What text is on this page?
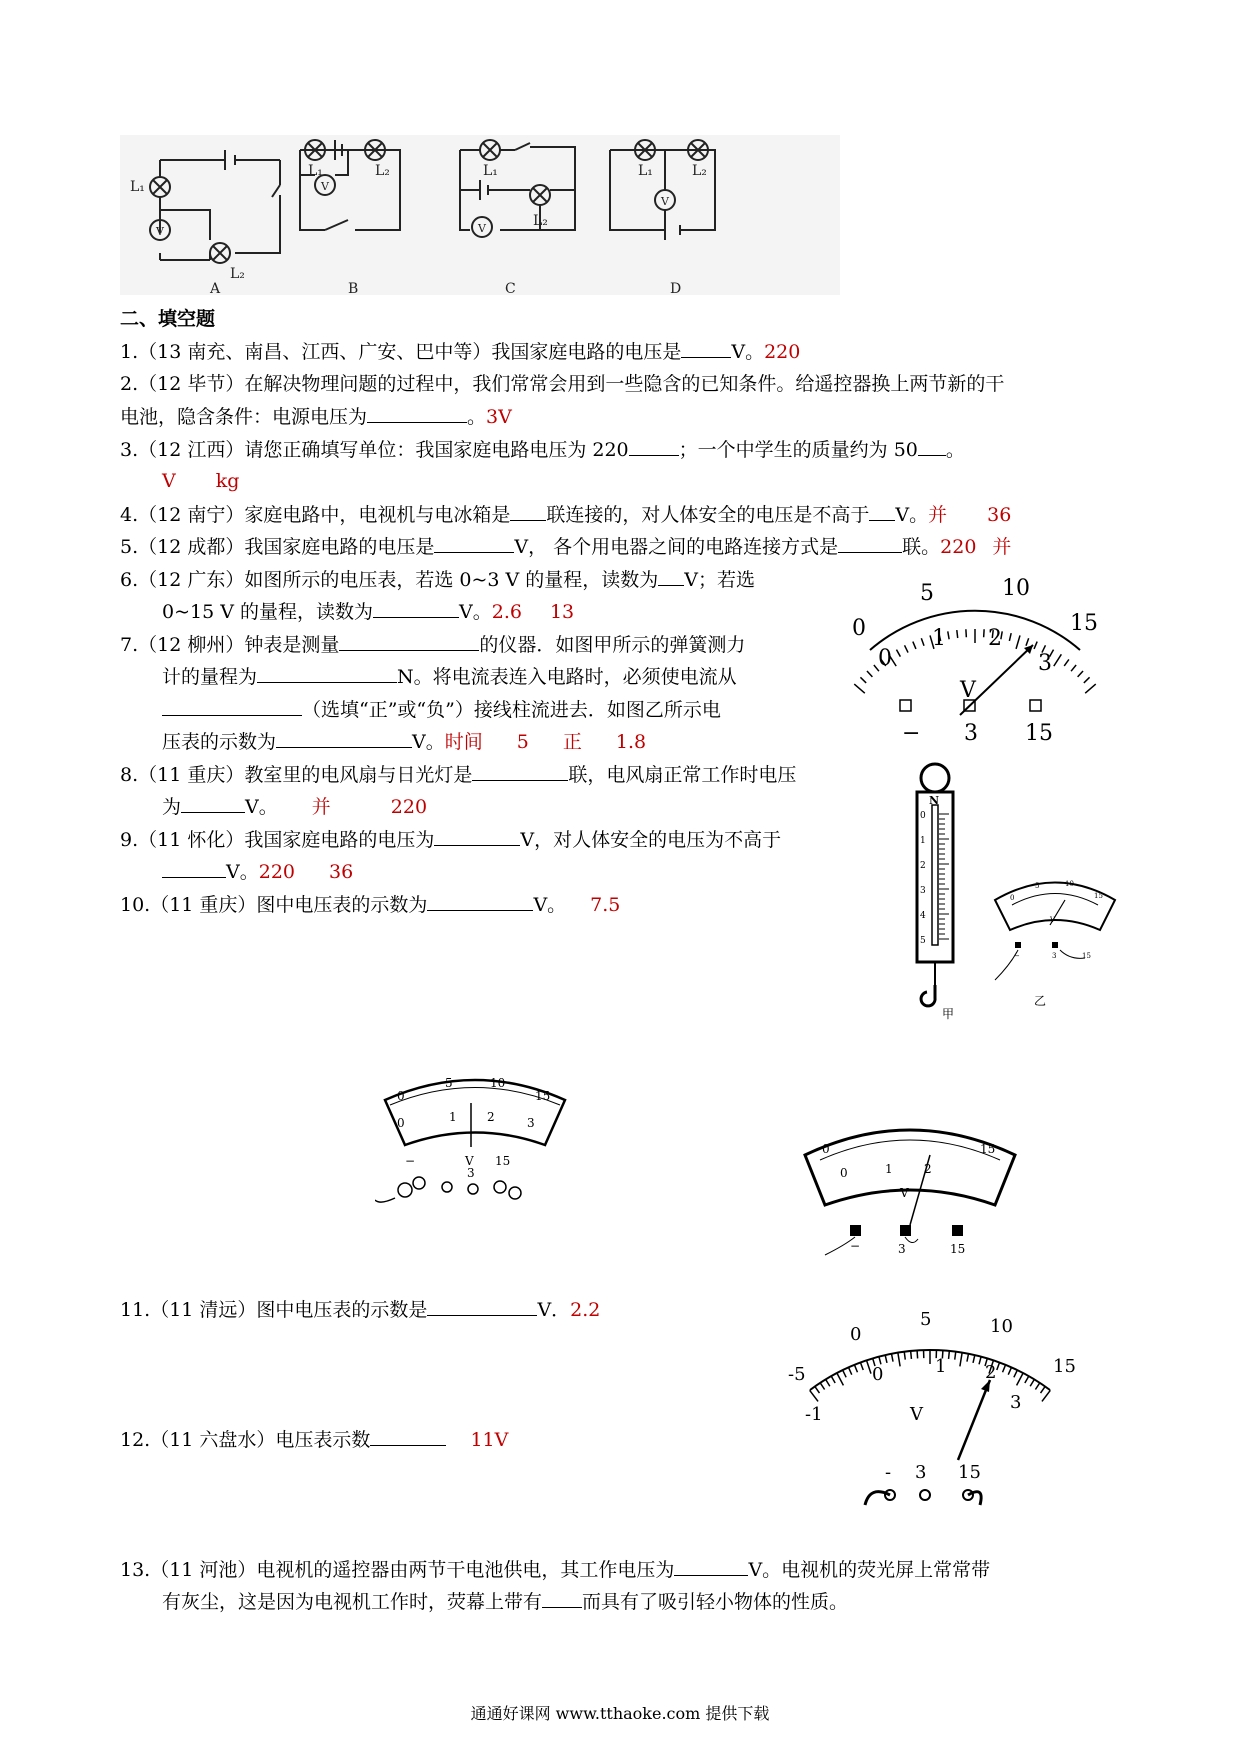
L₁
L₂
V
A
L₁	L₂
V
B
L₁
L₂
V
C
L₁	L₂
V
D
二、填空题
1.（13 南充、南昌、江西、广安、巴中等）我国家庭电路的电压是	V。220
2.（12 毕节）在解决物理问题的过程中，我们常常会用到一些隐含的已知条件。给遥控器换上两节新的干
电池，隐含条件：电源电压为	。3V
3.（12 江西）请您正确填写单位：我国家庭电路电压为 220	；一个中学生的质量约为 50 。
V kg
4.（12 南宁）家庭电路中，电视机与电冰箱是 联连接的，对人体安全的电压是不高于 V。并 36
5.（12 成都）我国家庭电路的电压是	V， 各个用电器之间的电路连接方式是	联。220 并
6.（12 广东）如图所示的电压表，若选 0~3 V 的量程，读数为 V；若选
0~15 V 的量程，读数为	V。2.6 13
7.（12 柳州）钟表是测量	的仪器．如图甲所示的弹簧测力
计的量程为	N。将电流表连入电路时，必须使电流从
（选填“正”或“负”）接线柱流进去．如图乙所示电
压表的示数为	V。时间 5 正 1.8
8.（11 重庆）教室里的电风扇与日光灯是	联，电风扇正常工作时电压
为	V。 并	220
9.（11 怀化）我国家庭电路的电压为	V，对人体安全的电压为不高于
V。220 36
10.（11 重庆）图中电压表的示数为	V。 7.5
5	10
15
0
0
1 2
3
V
− 3 15
N
0
1
2
3
4
5
0
5	10
15
V
−	3	15
乙
甲
0
5	10
15
0	1	2	3
V
−
3
15
0	15
0	1	2
V
−	3	15
11.（11 清远）图中电压表的示数是	V．2.2
12.（11 六盘水）电压表示数	11V
-5
0
5	10
15
-1
0	1 2
3
V
- 3 15
13.（11 河池）电视机的遥控器由两节干电池供电，其工作电压为	V。电视机的荧光屏上常常带
有灰尘，这是因为电视机工作时，荧幕上带有 而具有了吸引轻小物体的性质。
通通好课网 www.tthaoke.com 提供下载
